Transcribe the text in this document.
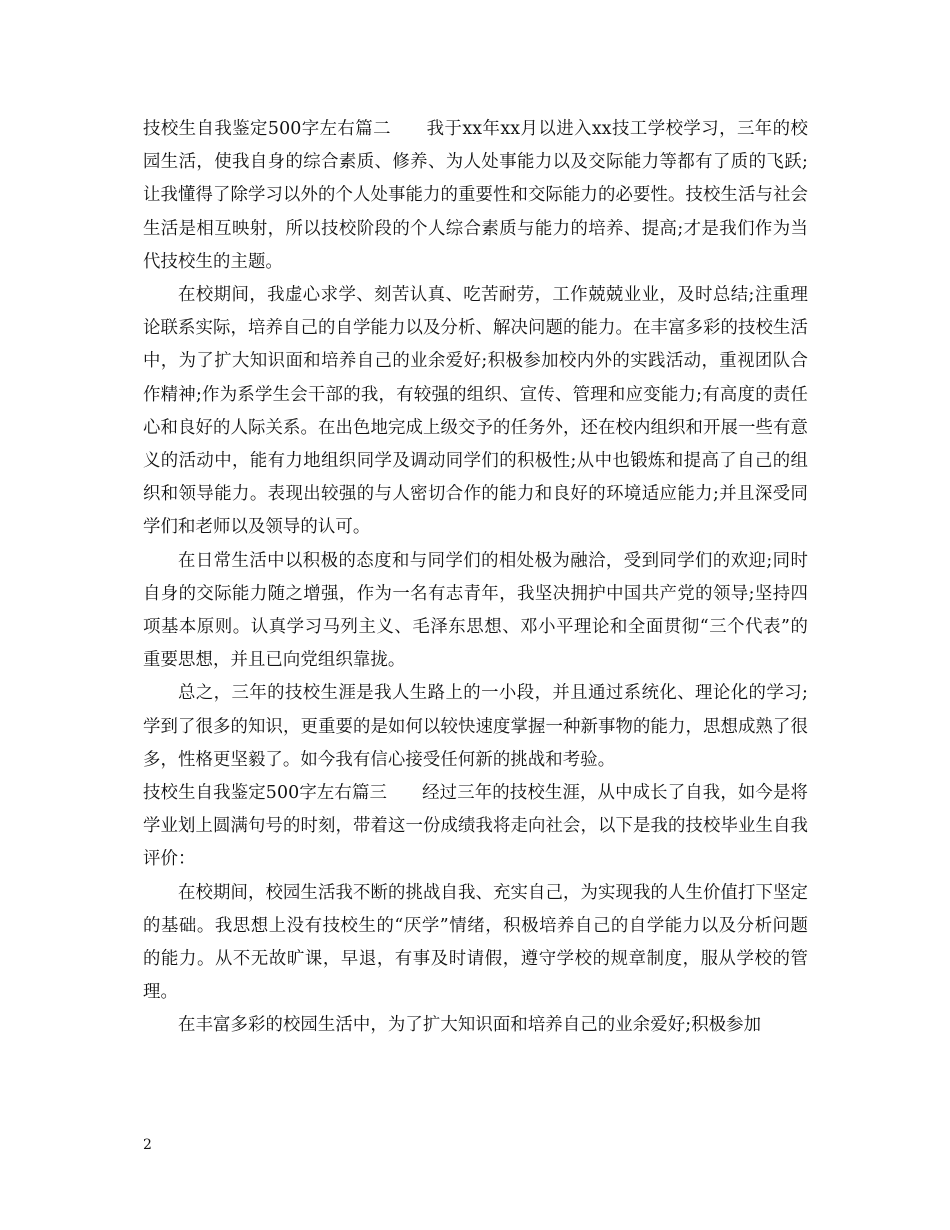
技校生自我鉴定500字左右篇二　　我于xx年xx月以进入xx技工学校学习，三年的校园生活，使我自身的综合素质、修养、为人处事能力以及交际能力等都有了质的飞跃;让我懂得了除学习以外的个人处事能力的重要性和交际能力的必要性。技校生活与社会生活是相互映射，所以技校阶段的个人综合素质与能力的培养、提高;才是我们作为当代技校生的主题。

在校期间，我虚心求学、刻苦认真、吃苦耐劳，工作兢兢业业，及时总结;注重理论联系实际，培养自己的自学能力以及分析、解决问题的能力。在丰富多彩的技校生活中，为了扩大知识面和培养自己的业余爱好;积极参加校内外的实践活动，重视团队合作精神;作为系学生会干部的我，有较强的组织、宣传、管理和应变能力;有高度的责任心和良好的人际关系。在出色地完成上级交予的任务外，还在校内组织和开展一些有意义的活动中，能有力地组织同学及调动同学们的积极性;从中也锻炼和提高了自己的组织和领导能力。表现出较强的与人密切合作的能力和良好的环境适应能力;并且深受同学们和老师以及领导的认可。

在日常生活中以积极的态度和与同学们的相处极为融洽，受到同学们的欢迎;同时自身的交际能力随之增强，作为一名有志青年，我坚决拥护中国共产党的领导;坚持四项基本原则。认真学习马列主义、毛泽东思想、邓小平理论和全面贯彻“三个代表”的重要思想，并且已向党组织靠拢。

总之，三年的技校生涯是我人生路上的一小段，并且通过系统化、理论化的学习;学到了很多的知识，更重要的是如何以较快速度掌握一种新事物的能力，思想成熟了很多，性格更坚毅了。如今我有信心接受任何新的挑战和考验。

技校生自我鉴定500字左右篇三　　经过三年的技校生涯，从中成长了自我，如今是将学业划上圆满句号的时刻，带着这一份成绩我将走向社会，以下是我的技校毕业生自我评价：

在校期间，校园生活我不断的挑战自我、充实自己，为实现我的人生价值打下坚定的基础。我思想上没有技校生的“厌学”情绪，积极培养自己的自学能力以及分析问题的能力。从不无故旷课，早退，有事及时请假，遵守学校的规章制度，服从学校的管理。

在丰富多彩的校园生活中，为了扩大知识面和培养自己的业余爱好;积极参加

2
